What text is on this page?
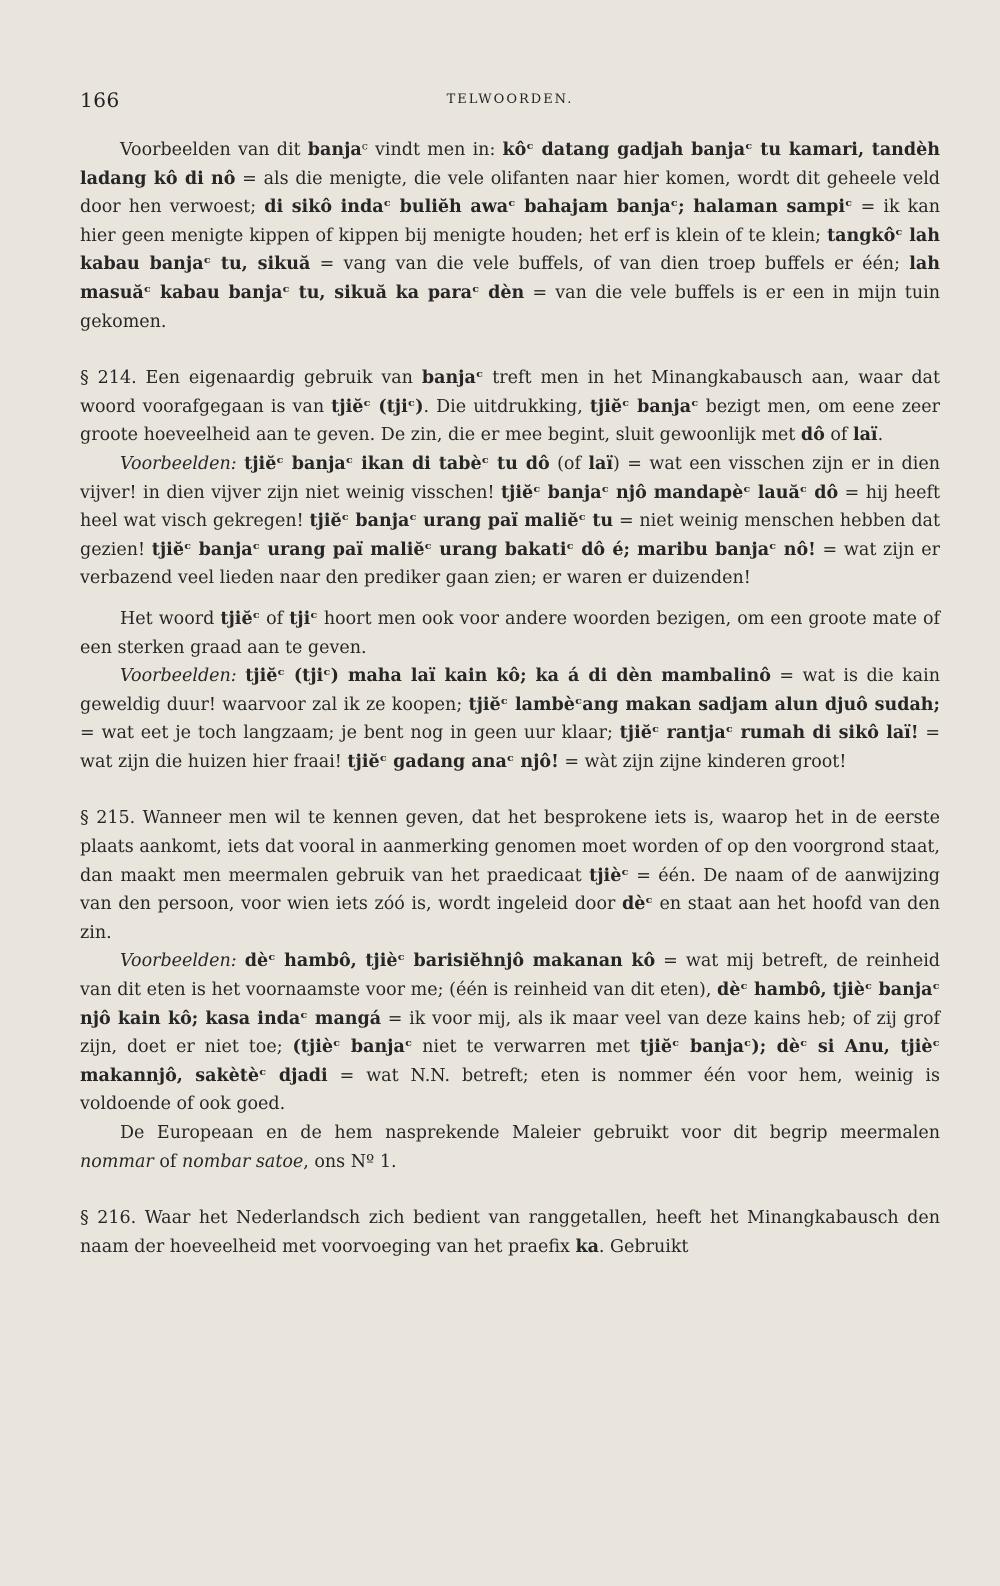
166	TELWOORDEN.

Voorbeelden van dit banjaᶜ vindt men in: kôᶜ datang gadjah banjaᶜ tu kamari, tandèh ladang kô di nô = als die menigte, die vele olifanten naar hier komen, wordt dit geheele veld door hen verwoest; di sikô indaᶜ buliĕh awaᶜ bahajam banjaᶜ; halaman sampiᶜ = ik kan hier geen menigte kippen of kippen bij menigte houden; het erf is klein of te klein; tangkôᶜ lah kabau banjaᶜ tu, sikuă = vang van die vele buffels, of van dien troep buffels er één; lah masuăᶜ kabau banjaᶜ tu, sikuă ka paraᶜ dèn = van die vele buffels is er een in mijn tuin gekomen.

§ 214. Een eigenaardig gebruik van banjaᶜ treft men in het Minangkabausch aan, waar dat woord voorafgegaan is van tjiĕᶜ (tjiᶜ). Die uitdrukking, tjiĕᶜ banjaᶜ bezigt men, om eene zeer groote hoeveelheid aan te geven. De zin, die er mee begint, sluit gewoonlijk met dô of laï.

Voorbeelden: tjiĕᶜ banjaᶜ ikan di tabèᶜ tu dô (of laï) = wat een visschen zijn er in dien vijver! in dien vijver zijn niet weinig visschen! tjiĕᶜ banjaᶜ njô mandapèᶜ lauăᶜ dô = hij heeft heel wat visch gekregen! tjiĕᶜ banjaᶜ urang paï maliĕᶜ tu = niet weinig menschen hebben dat gezien! tjiĕᶜ banjaᶜ urang paï maliĕᶜ urang bakatiᶜ dô é; maribu banjaᶜ nô! = wat zijn er verbazend veel lieden naar den prediker gaan zien; er waren er duizenden!

Het woord tjiĕᶜ of tjiᶜ hoort men ook voor andere woorden bezigen, om een groote mate of een sterken graad aan te geven.

Voorbeelden: tjiĕᶜ (tjiᶜ) maha laï kain kô; ka á di dèn mambalinô = wat is die kain geweldig duur! waarvoor zal ik ze koopen; tjiĕᶜ lambèᶜang makan sadjam alun djuô sudah; = wat eet je toch langzaam; je bent nog in geen uur klaar; tjiĕᶜ rantjaᶜ rumah di sikô laï! = wat zijn die huizen hier fraai! tjiĕᶜ gadang anaᶜ njô! = wàt zijn zijne kinderen groot!

§ 215. Wanneer men wil te kennen geven, dat het besprokene iets is, waarop het in de eerste plaats aankomt, iets dat vooral in aanmerking genomen moet worden of op den voorgrond staat, dan maakt men meermalen gebruik van het praedicaat tjièᶜ = één. De naam of de aanwijzing van den persoon, voor wien iets zóó is, wordt ingeleid door dèᶜ en staat aan het hoofd van den zin.

Voorbeelden: dèᶜ hambô, tjièᶜ barisiĕhnjô makanan kô = wat mij betreft, de reinheid van dit eten is het voornaamste voor me; (één is reinheid van dit eten), dèᶜ hambô, tjièᶜ banjaᶜ njô kain kô; kasa indaᶜ mangá = ik voor mij, als ik maar veel van deze kains heb; of zij grof zijn, doet er niet toe; (tjièᶜ banjaᶜ niet te verwarren met tjiĕᶜ banjaᶜ); dèᶜ si Anu, tjièᶜ makannjô, sakètèᶜ djadi = wat N.N. betreft; eten is nommer één voor hem, weinig is voldoende of ook goed.

De Europeaan en de hem nasprekende Maleier gebruikt voor dit begrip meermalen nommar of nombar satoe, ons Nº 1.

§ 216. Waar het Nederlandsch zich bedient van ranggetallen, heeft het Minangkabausch den naam der hoeveelheid met voorvoeging van het praefix ka. Gebruikt
